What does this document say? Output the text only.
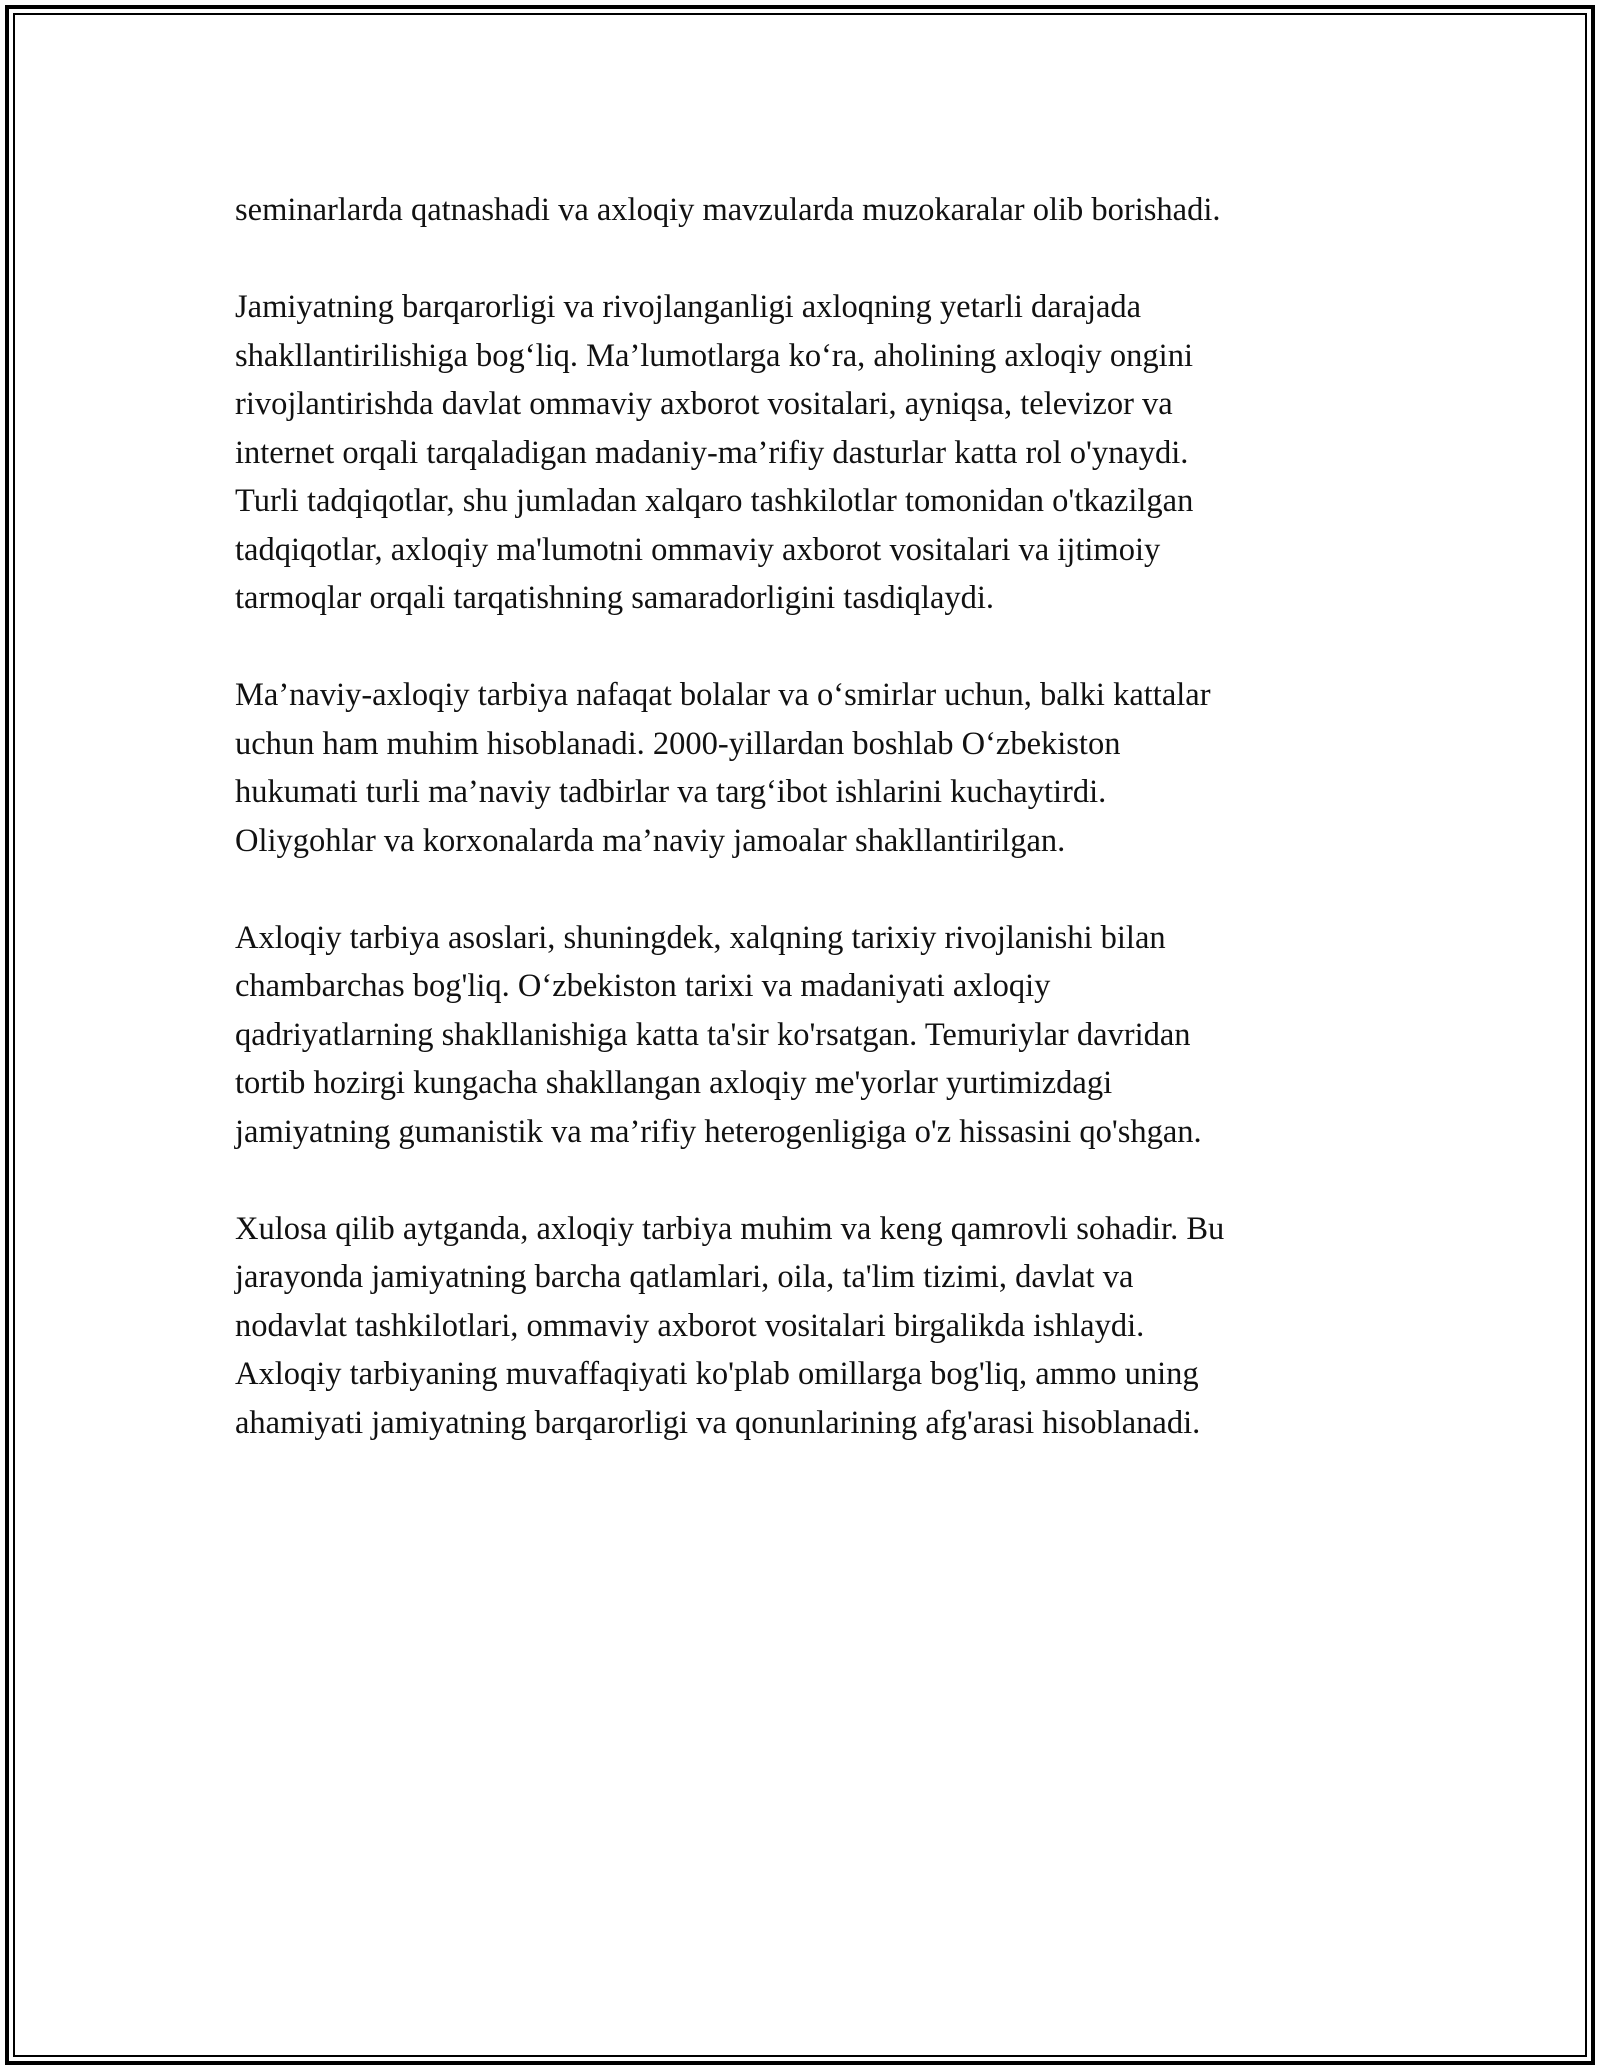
seminarlarda qatnashadi va axloqiy mavzularda muzokaralar olib borishadi.

Jamiyatning barqarorligi va rivojlanganligi axloqning yetarli darajada
shakllantirilishiga bog‘liq. Ma’lumotlarga ko‘ra, aholining axloqiy ongini
rivojlantirishda davlat ommaviy axborot vositalari, ayniqsa, televizor va
internet orqali tarqaladigan madaniy-ma’rifiy dasturlar katta rol o'ynaydi.
Turli tadqiqotlar, shu jumladan xalqaro tashkilotlar tomonidan o'tkazilgan
tadqiqotlar, axloqiy ma'lumotni ommaviy axborot vositalari va ijtimoiy
tarmoqlar orqali tarqatishning samaradorligini tasdiqlaydi.

Ma’naviy-axloqiy tarbiya nafaqat bolalar va o‘smirlar uchun, balki kattalar
uchun ham muhim hisoblanadi. 2000-yillardan boshlab O‘zbekiston
hukumati turli ma’naviy tadbirlar va targ‘ibot ishlarini kuchaytirdi.
Oliygohlar va korxonalarda ma’naviy jamoalar shakllantirilgan.

Axloqiy tarbiya asoslari, shuningdek, xalqning tarixiy rivojlanishi bilan
chambarchas bog'liq. O‘zbekiston tarixi va madaniyati axloqiy
qadriyatlarning shakllanishiga katta ta'sir ko'rsatgan. Temuriylar davridan
tortib hozirgi kungacha shakllangan axloqiy me'yorlar yurtimizdagi
jamiyatning gumanistik va ma’rifiy heterogenligiga o'z hissasini qo'shgan.

Xulosa qilib aytganda, axloqiy tarbiya muhim va keng qamrovli sohadir. Bu
jarayonda jamiyatning barcha qatlamlari, oila, ta'lim tizimi, davlat va
nodavlat tashkilotlari, ommaviy axborot vositalari birgalikda ishlaydi.
Axloqiy tarbiyaning muvaffaqiyati ko'plab omillarga bog'liq, ammo uning
ahamiyati jamiyatning barqarorligi va qonunlarining afg'arasi hisoblanadi.
